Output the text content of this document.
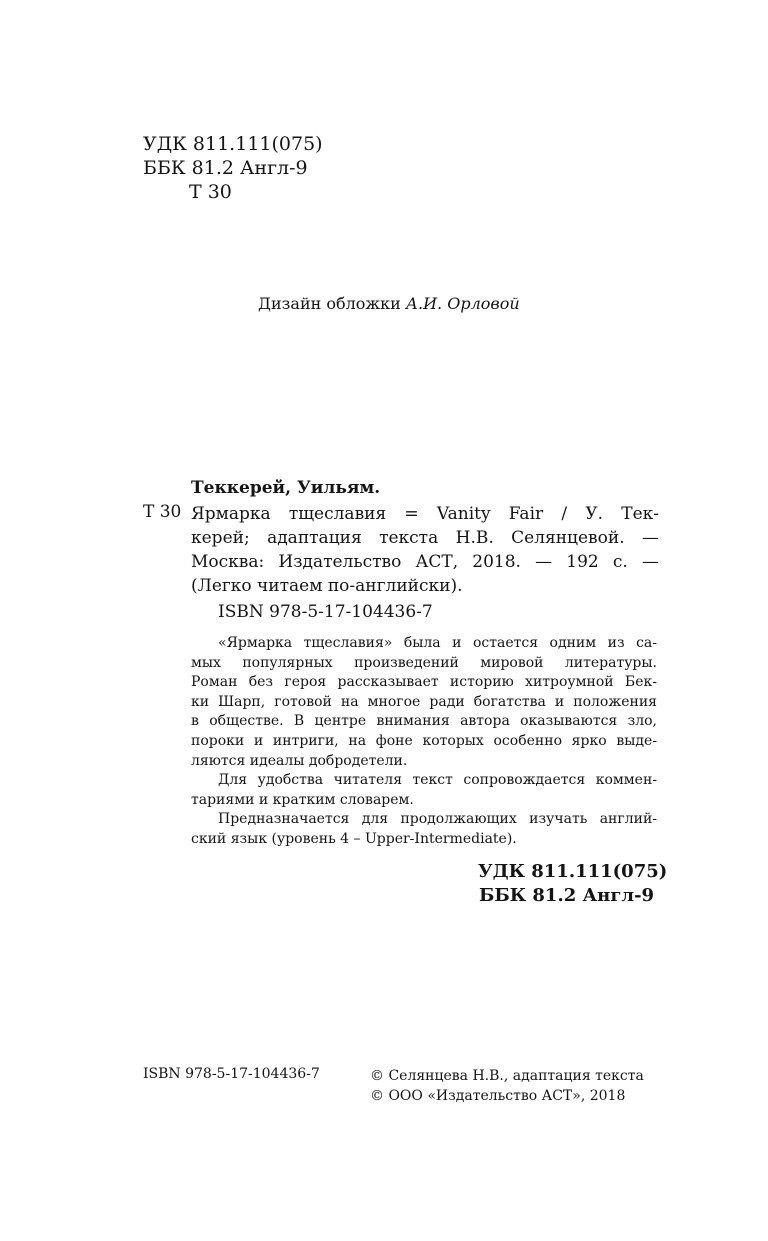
УДК 811.111(075)
ББК 81.2 Англ-9
Т 30
Дизайн обложки А.И. Орловой
Теккерей, Уильям.
Т 30 Ярмарка тщеславия = Vanity Fair / У. Тек-
керей; адаптация текста Н.В. Селянцевой. —
Москва: Издательство АСТ, 2018. — 192 с. —
(Легко читаем по-английски).
ISBN 978-5-17-104436-7
«Ярмарка тщеславия» была и остается одним из са-
мых популярных произведений мировой литературы.
Роман без героя рассказывает историю хитроумной Бек-
ки Шарп, готовой на многое ради богатства и положения
в обществе. В центре внимания автора оказываются зло,
пороки и интриги, на фоне которых особенно ярко выде-
ляются идеалы добродетели.
Для удобства читателя текст сопровождается коммен-
тариями и кратким словарем.
Предназначается для продолжающих изучать англий-
ский язык (уровень 4 – Upper-Intermediate).
УДК 811.111(075)
ББК 81.2 Англ-9
ISBN 978-5-17-104436-7	© Селянцева Н.В., адаптация текста
© ООО «Издательство АСТ», 2018
